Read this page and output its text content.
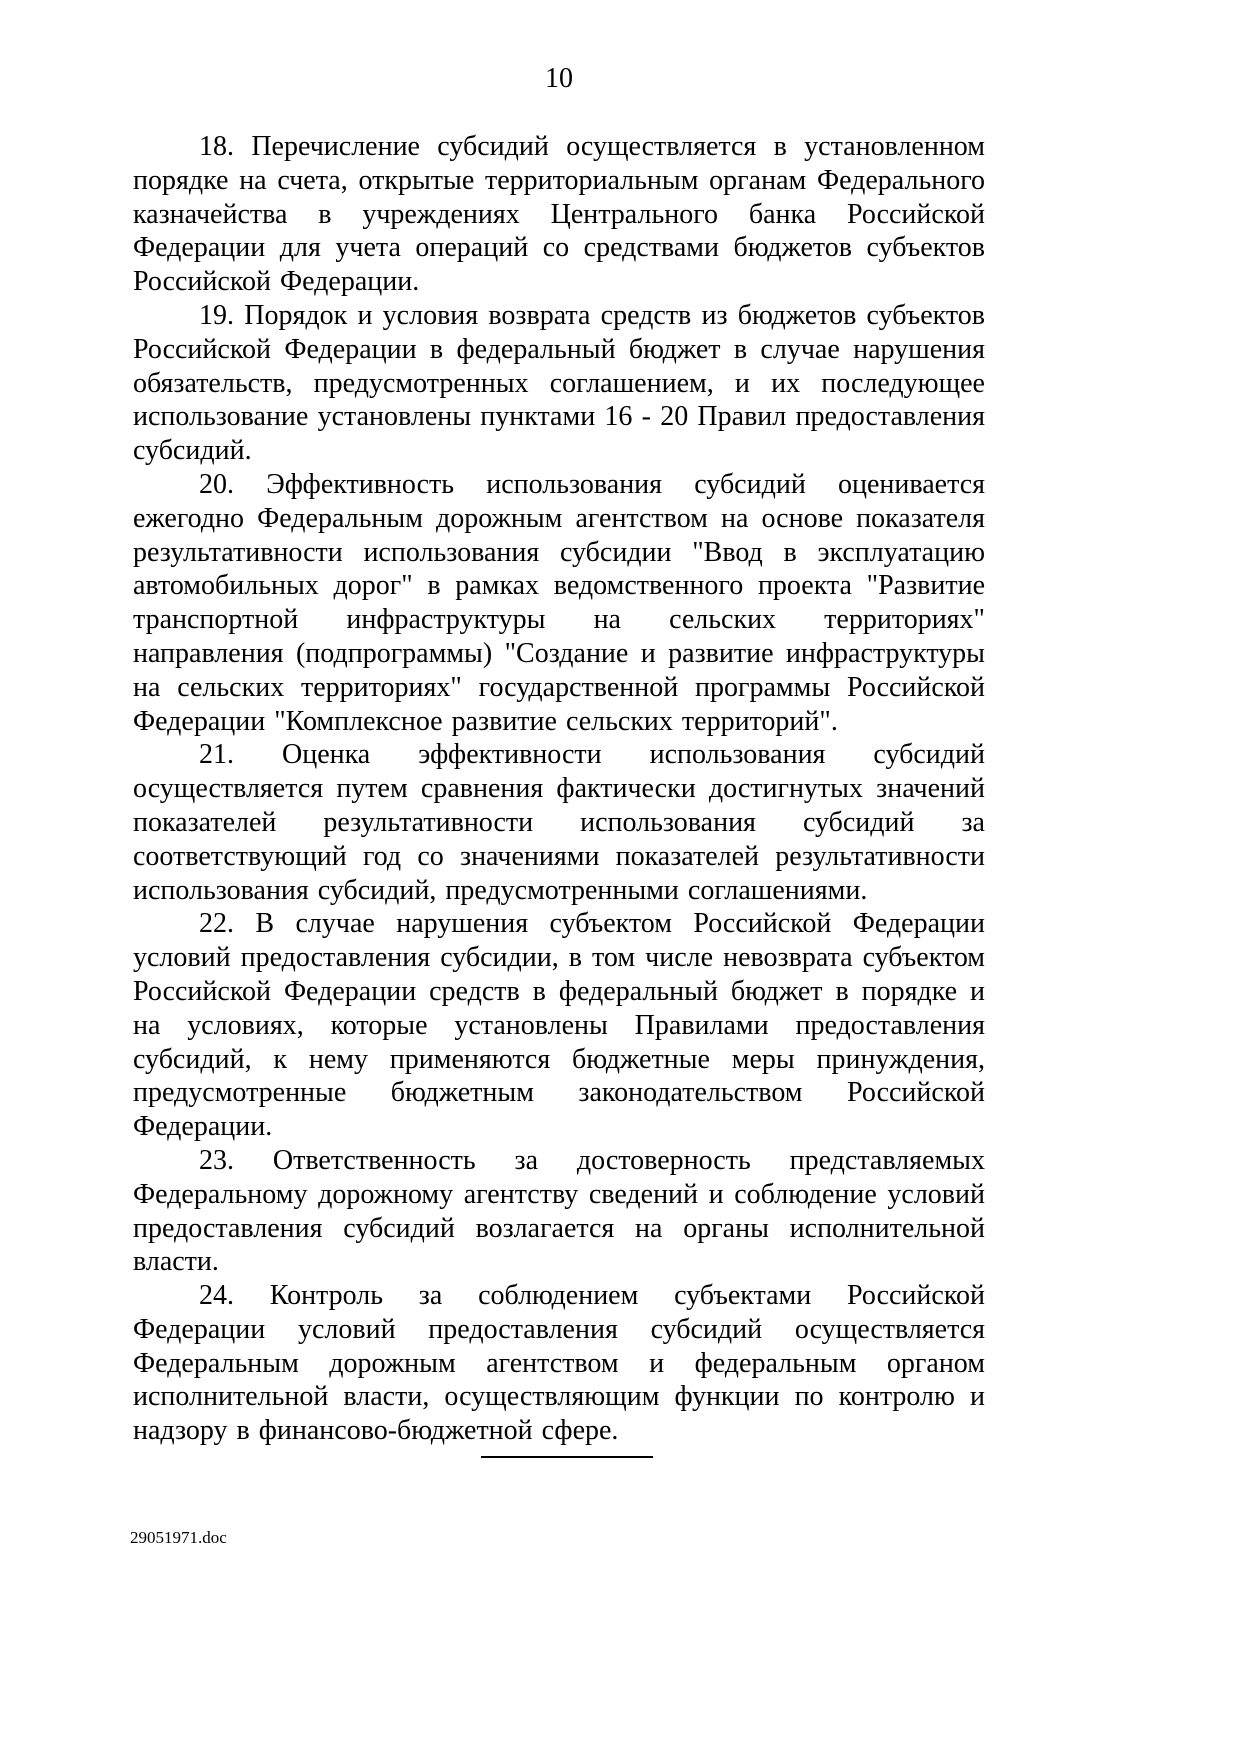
10

18. Перечисление субсидий осуществляется в установленном порядке на счета, открытые территориальным органам Федерального казначейства в учреждениях Центрального банка Российской Федерации для учета операций со средствами бюджетов субъектов Российской Федерации.

19. Порядок и условия возврата средств из бюджетов субъектов Российской Федерации в федеральный бюджет в случае нарушения обязательств, предусмотренных соглашением, и их последующее использование установлены пунктами 16 - 20 Правил предоставления субсидий.

20. Эффективность использования субсидий оценивается ежегодно Федеральным дорожным агентством на основе показателя результативности использования субсидии "Ввод в эксплуатацию автомобильных дорог" в рамках ведомственного проекта "Развитие транспортной инфраструктуры на сельских территориях" направления (подпрограммы) "Создание и развитие инфраструктуры на сельских территориях" государственной программы Российской Федерации "Комплексное развитие сельских территорий".

21. Оценка эффективности использования субсидий осуществляется путем сравнения фактически достигнутых значений показателей результативности использования субсидий за соответствующий год со значениями показателей результативности использования субсидий, предусмотренными соглашениями.

22. В случае нарушения субъектом Российской Федерации условий предоставления субсидии, в том числе невозврата субъектом Российской Федерации средств в федеральный бюджет в порядке и на условиях, которые установлены Правилами предоставления субсидий, к нему применяются бюджетные меры принуждения, предусмотренные бюджетным законодательством Российской Федерации.

23. Ответственность за достоверность представляемых Федеральному дорожному агентству сведений и соблюдение условий предоставления субсидий возлагается на органы исполнительной власти.

24. Контроль за соблюдением субъектами Российской Федерации условий предоставления субсидий осуществляется Федеральным дорожным агентством и федеральным органом исполнительной власти, осуществляющим функции по контролю и надзору в финансово-бюджетной сфере.

29051971.doc
